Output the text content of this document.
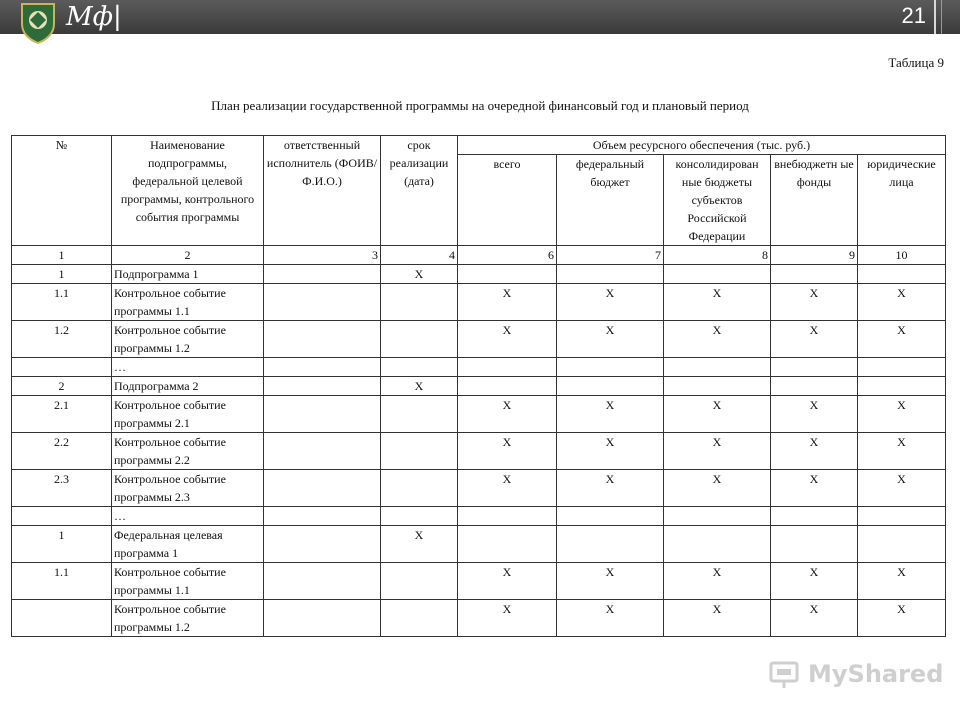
Мф|	21
Таблица 9
План реализации государственной программы на очередной финансовый год и плановый период
№	Наименование подпрограммы, федеральной целевой программы, контрольного события программы	ответственный исполнитель (ФОИВ/Ф.И.О.)	срок реализации (дата)	Объем ресурсного обеспечения (тыс. руб.)				
				всего	федеральный бюджет	консолидирован ные бюджеты субъектов Российской Федерации	внебюджетн ые фонды	юридические лица
1	2	3	4	6	7	8	9	10
1	Подпрограмма 1		Х					
1.1	Контрольное событие программы 1.1			Х	Х	Х	Х	Х
1.2	Контрольное событие программы 1.2			Х	Х	Х	Х	Х
	…							
2	Подпрограмма 2		Х					
2.1	Контрольное событие программы 2.1			Х	Х	Х	Х	Х
2.2	Контрольное событие программы 2.2			Х	Х	Х	Х	Х
2.3	Контрольное событие программы 2.3			Х	Х	Х	Х	Х
	…							
1	Федеральная целевая программа 1		Х					
1.1	Контрольное событие программы 1.1			Х	Х	Х	Х	Х
	Контрольное событие программы 1.2			Х	Х	Х	Х	Х
MyShared
